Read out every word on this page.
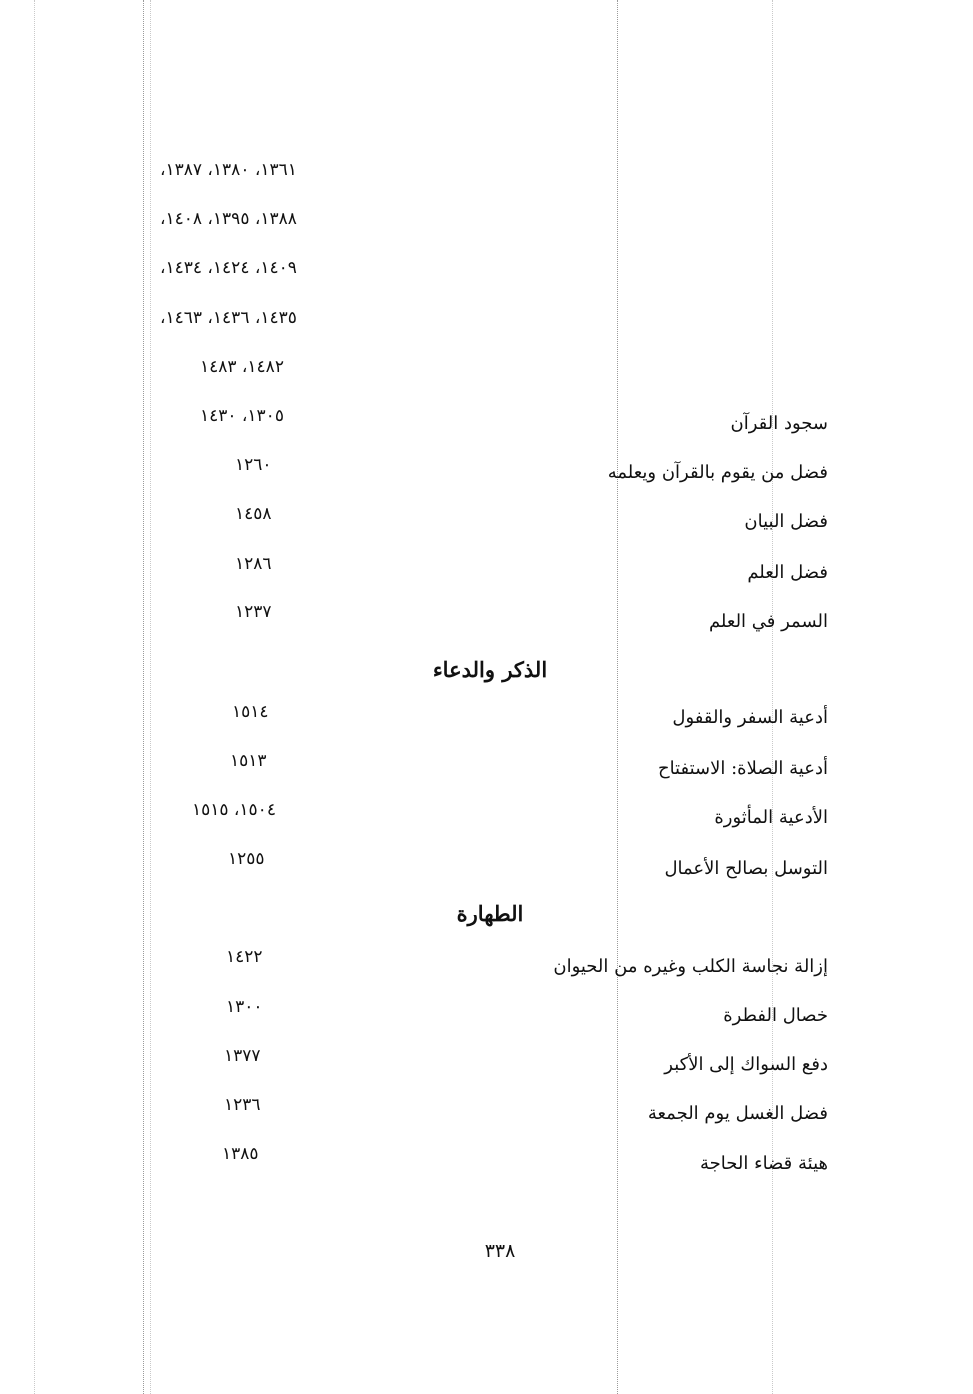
١٣٦١، ١٣٨٠، ١٣٨٧،
١٣٨٨، ١٣٩٥، ١٤٠٨،
١٤٠٩، ١٤٢٤، ١٤٣٤،
١٤٣٥، ١٤٣٦، ١٤٦٣،
١٤٨٢، ١٤٨٣
سجود القرآن
١٣٠٥، ١٤٣٠
فضل من يقوم بالقرآن ويعلمه
١٢٦٠
فضل البيان
١٤٥٨
فضل العلم
١٢٨٦
السمر في العلم
١٢٣٧
الذكر والدعاء
أدعية السفر والقفول
١٥١٤
أدعية الصلاة: الاستفتاح
١٥١٣
الأدعية المأثورة
١٥٠٤، ١٥١٥
التوسل بصالح الأعمال
١٢٥٥
الطهارة
إزالة نجاسة الكلب وغيره من الحيوان
١٤٢٢
خصال الفطرة
١٣٠٠
دفع السواك إلى الأكبر
١٣٧٧
فضل الغسل يوم الجمعة
١٢٣٦
هيئة قضاء الحاجة
١٣٨٥
٣٣٨
